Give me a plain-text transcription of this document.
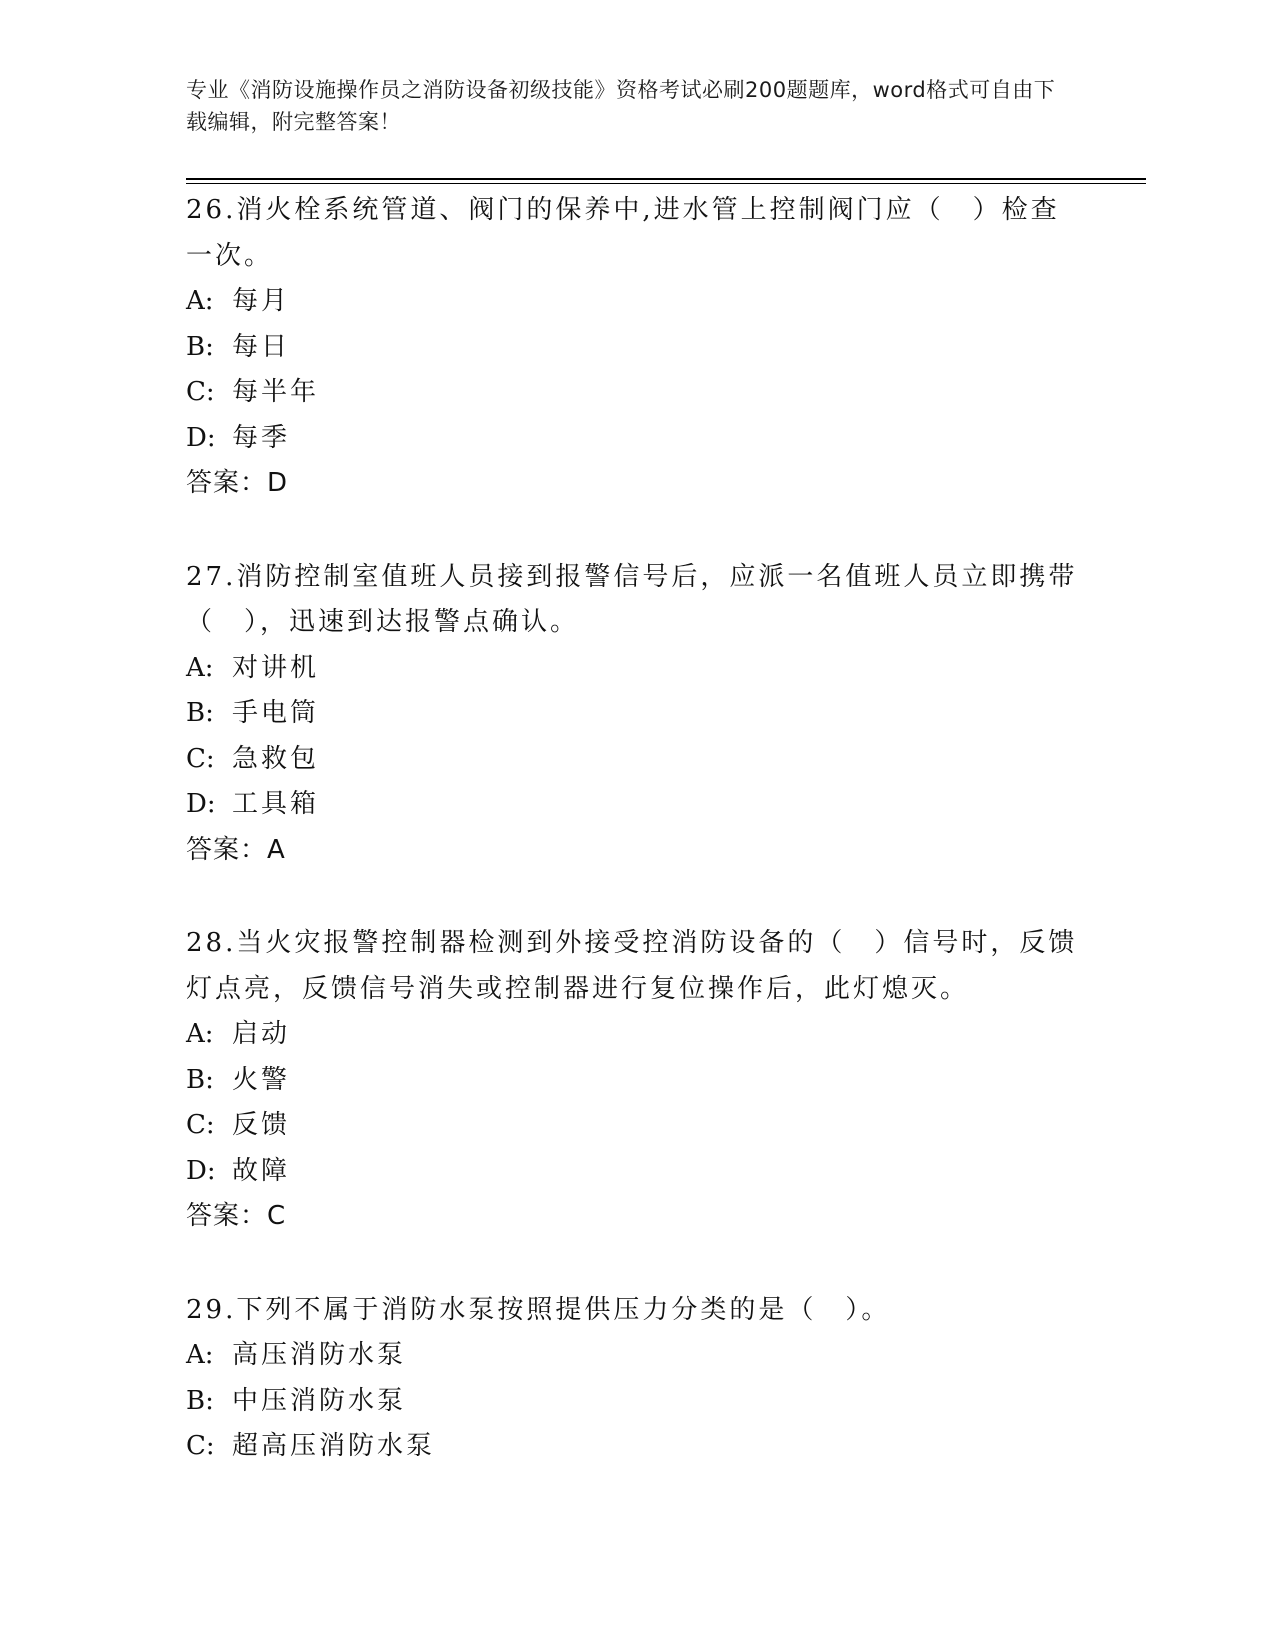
专业《消防设施操作员之消防设备初级技能》资格考试必刷200题题库，word格式可自由下载编辑，附完整答案！

26.消火栓系统管道、阀门的保养中,进水管上控制阀门应（　）检查一次。

A: 每月

B: 每日

C: 每半年

D: 每季

答案：D

27.消防控制室值班人员接到报警信号后，应派一名值班人员立即携带（　），迅速到达报警点确认。

A: 对讲机

B: 手电筒

C: 急救包

D: 工具箱

答案：A

28.当火灾报警控制器检测到外接受控消防设备的（　）信号时，反馈灯点亮，反馈信号消失或控制器进行复位操作后，此灯熄灭。

A: 启动

B: 火警

C: 反馈

D: 故障

答案：C

29.下列不属于消防水泵按照提供压力分类的是（　）。

A: 高压消防水泵

B: 中压消防水泵

C: 超高压消防水泵
